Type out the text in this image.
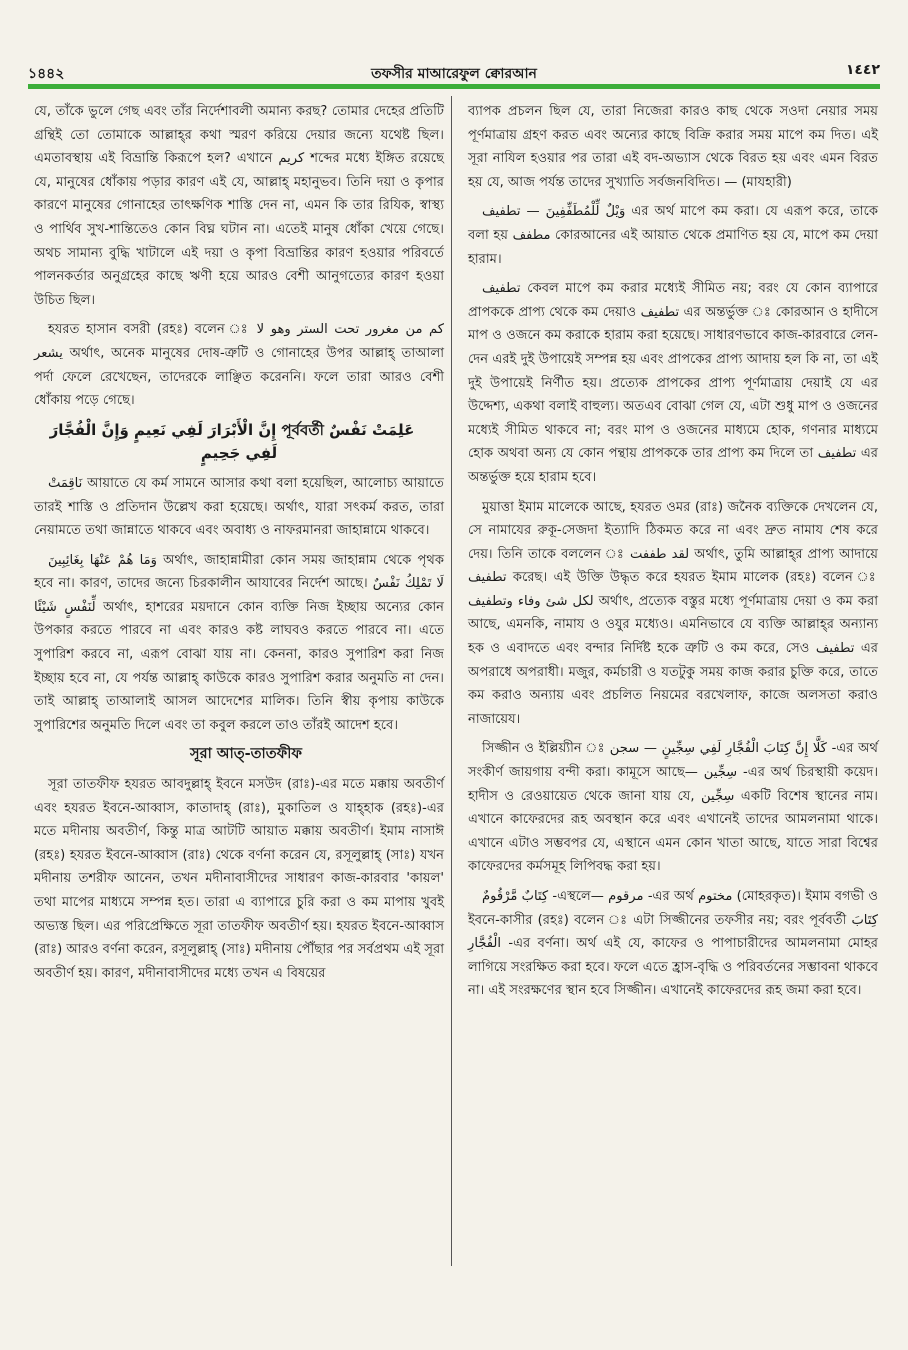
১৪৪২	তফসীর মাআরেফুল ক্বোরআন	١٤٤٢

যে, তাঁকে ভুলে গেছ এবং তাঁর নির্দেশাবলী অমান্য করছ? তোমার দেহের প্রতিটি গ্রন্থিই তো তোমাকে আল্লাহ্‌র কথা স্মরণ করিয়ে দেয়ার জন্যে যথেষ্ট ছিল। এমতাবস্থায় এই বিভ্রান্তি কিরূপে হল? এখানে كريم শব্দের মধ্যে ইঙ্গিত রয়েছে যে, মানুষের ধোঁকায় পড়ার কারণ এই যে, আল্লাহ্ মহানুভব। তিনি দয়া ও কৃপার কারণে মানুষের গোনাহের তাৎক্ষণিক শাস্তি দেন না, এমন কি তার রিযিক, স্বাস্থ্য ও পার্থিব সুখ-শান্তিতেও কোন বিঘ্ন ঘটান না। এতেই মানুষ ধোঁকা খেয়ে গেছে। অথচ সামান্য বুদ্ধি খাটালে এই দয়া ও কৃপা বিভ্রান্তির কারণ হওয়ার পরিবর্তে পালনকর্তার অনুগ্রহের কাছে ঋণী হয়ে আরও বেশী আনুগত্যের কারণ হওয়া উচিত ছিল।

হযরত হাসান বসরী (রহঃ) বলেন ঃ كم من مغرور تحت الستر وهو لا يشعر অর্থাৎ, অনেক মানুষের দোষ-ত্রুটি ও গোনাহের উপর আল্লাহ্ তাআলা পর্দা ফেলে রেখেছেন, তাদেরকে লাঞ্ছিত করেননি। ফলে তারা আরও বেশী ধোঁকায় পড়ে গেছে।

عَلِمَتْ نَفْسٌ পূর্ববর্তী إِنَّ الْأَبْرَارَ لَفِي نَعِيمٍ وَإِنَّ الْفُجَّارَ لَفِي جَحِيمٍ

نَاقِمَتْ আয়াতে যে কর্ম সামনে আসার কথা বলা হয়েছিল, আলোচ্য আয়াতে তারই শাস্তি ও প্রতিদান উল্লেখ করা হয়েছে। অর্থাৎ, যারা সৎকর্ম করত, তারা নেয়ামতে তথা জান্নাতে থাকবে এবং অবাধ্য ও নাফরমানরা জাহান্নামে থাকবে।

وَمَا هُمْ عَنْهَا بِغَائِبِينَ অর্থাৎ, জাহান্নামীরা কোন সময় জাহান্নাম থেকে পৃথক হবে না। কারণ, তাদের জন্যে চিরকালীন আযাবের নির্দেশ আছে। لَا تَمْلِكُ نَفْسٌ لِّنَفْسٍ شَيْئًا অর্থাৎ, হাশরের ময়দানে কোন ব্যক্তি নিজ ইচ্ছায় অন্যের কোন উপকার করতে পারবে না এবং কারও কষ্ট লাঘবও করতে পারবে না। এতে সুপারিশ করবে না, এরূপ বোঝা যায় না। কেননা, কারও সুপারিশ করা নিজ ইচ্ছায় হবে না, যে পর্যন্ত আল্লাহ্ কাউকে কারও সুপারিশ করার অনুমতি না দেন। তাই আল্লাহ্ তাআলাই আসল আদেশের মালিক। তিনি স্বীয় কৃপায় কাউকে সুপারিশের অনুমতি দিলে এবং তা কবুল করলে তাও তাঁরই আদেশ হবে।

সূরা আত্-তাতফীফ

সূরা তাতফীফ হযরত আবদুল্লাহ্ ইবনে মসউদ (রাঃ)-এর মতে মক্কায় অবতীর্ণ এবং হযরত ইবনে-আব্বাস, কাতাদাহ্ (রাঃ), মুকাতিল ও যাহ্হাক (রহঃ)-এর মতে মদীনায় অবতীর্ণ, কিন্তু মাত্র আটটি আয়াত মক্কায় অবতীর্ণ। ইমাম নাসাঈ (রহঃ) হযরত ইবনে-আব্বাস (রাঃ) থেকে বর্ণনা করেন যে, রসূলুল্লাহ্ (সাঃ) যখন মদীনায় তশরীফ আনেন, তখন মদীনাবাসীদের সাধারণ কাজ-কারবার 'কায়ল' তথা মাপের মাধ্যমে সম্পন্ন হত। তারা এ ব্যাপারে চুরি করা ও কম মাপায় খুবই অভ্যস্ত ছিল। এর পরিপ্রেক্ষিতে সূরা তাতফীফ অবতীর্ণ হয়। হযরত ইবনে-আব্বাস (রাঃ) আরও বর্ণনা করেন, রসূলুল্লাহ্ (সাঃ) মদীনায় পৌঁছার পর সর্বপ্রথম এই সূরা অবতীর্ণ হয়। কারণ, মদীনাবাসীদের মধ্যে তখন এ বিষয়ের

ব্যাপক প্রচলন ছিল যে, তারা নিজেরা কারও কাছ থেকে সওদা নেয়ার সময় পূর্ণমাত্রায় গ্রহণ করত এবং অন্যের কাছে বিক্রি করার সময় মাপে কম দিত। এই সূরা নাযিল হওয়ার পর তারা এই বদ-অভ্যাস থেকে বিরত হয় এবং এমন বিরত হয় যে, আজ পর্যন্ত তাদের সুখ্যাতি সর্বজনবিদিত। — (মাযহারী)

وَيْلٌ لِّلْمُطَفِّفِينَ — تطفيف এর অর্থ মাপে কম করা। যে এরূপ করে, তাকে বলা হয় مطفف কোরআনের এই আয়াত থেকে প্রমাণিত হয় যে, মাপে কম দেয়া হারাম।

تطفيف কেবল মাপে কম করার মধ্যেই সীমিত নয়; বরং যে কোন ব্যাপারে প্রাপককে প্রাপ্য থেকে কম দেয়াও تطفيف এর অন্তর্ভুক্ত ঃ কোরআন ও হাদীসে মাপ ও ওজনে কম করাকে হারাম করা হয়েছে। সাধারণভাবে কাজ-কারবারে লেন-দেন এরই দুই উপায়েই সম্পন্ন হয় এবং প্রাপকের প্রাপ্য আদায় হল কি না, তা এই দুই উপায়েই নির্ণীত হয়। প্রত্যেক প্রাপকের প্রাপ্য পূর্ণমাত্রায় দেয়াই যে এর উদ্দেশ্য, একথা বলাই বাহুল্য। অতএব বোঝা গেল যে, এটা শুধু মাপ ও ওজনের মধ্যেই সীমিত থাকবে না; বরং মাপ ও ওজনের মাধ্যমে হোক, গণনার মাধ্যমে হোক অথবা অন্য যে কোন পন্থায় প্রাপককে তার প্রাপ্য কম দিলে তা تطفيف এর অন্তর্ভুক্ত হয়ে হারাম হবে।

মুয়াত্তা ইমাম মালেকে আছে, হযরত ওমর (রাঃ) জনৈক ব্যক্তিকে দেখলেন যে, সে নামাযের রুকূ-সেজদা ইত্যাদি ঠিকমত করে না এবং দ্রুত নামায শেষ করে দেয়। তিনি তাকে বললেন ঃ لقد طففت অর্থাৎ, তুমি আল্লাহ্‌র প্রাপ্য আদায়ে تطفيف করেছ। এই উক্তি উদ্ধৃত করে হযরত ইমাম মালেক (রহঃ) বলেন ঃ لكل شئ وفاء وتطفيف অর্থাৎ, প্রত্যেক বস্তুর মধ্যে পূর্ণমাত্রায় দেয়া ও কম করা আছে, এমনকি, নামায ও ওযুর মধ্যেও। এমনিভাবে যে ব্যক্তি আল্লাহ্‌র অন্যান্য হক ও এবাদতে এবং বন্দার নির্দিষ্ট হকে ত্রুটি ও কম করে, সেও تطفيف এর অপরাধে অপরাধী। মজুর, কর্মচারী ও যতটুকু সময় কাজ করার চুক্তি করে, তাতে কম করাও অন্যায় এবং প্রচলিত নিয়মের বরখেলাফ, কাজে অলসতা করাও নাজায়েয।

সিজ্জীন ও ইল্লিয়্যীন ঃ كَلَّا إِنَّ كِتَابَ الْفُجَّارِ لَفِي سِجِّينٍ — سجن -এর অর্থ সংকীর্ণ জায়গায় বন্দী করা। কামূসে আছে— سِجِّين -এর অর্থ চিরস্থায়ী কয়েদ। হাদীস ও রেওয়ায়েত থেকে জানা যায় যে, سِجِّين একটি বিশেষ স্থানের নাম। এখানে কাফেরদের রূহ অবস্থান করে এবং এখানেই তাদের আমলনামা থাকে। এখানে এটাও সম্ভবপর যে, এস্থানে এমন কোন খাতা আছে, যাতে সারা বিশ্বের কাফেরদের কর্মসমূহ লিপিবদ্ধ করা হয়।

كِتَابٌ مَّرْقُومٌ -এস্থলে— مرقوم -এর অর্থ مختوم (মোহরকৃত)। ইমাম বগভী ও ইবনে-কাসীর (রহঃ) বলেন ঃ এটা সিজ্জীনের তফসীর নয়; বরং পূর্ববর্তী كِتَابَ الْفُجَّارِ -এর বর্ণনা। অর্থ এই যে, কাফের ও পাপাচারীদের আমলনামা মোহর লাগিয়ে সংরক্ষিত করা হবে। ফলে এতে হ্রাস-বৃদ্ধি ও পরিবর্তনের সম্ভাবনা থাকবে না। এই সংরক্ষণের স্থান হবে সিজ্জীন। এখানেই কাফেরদের রূহ জমা করা হবে।
